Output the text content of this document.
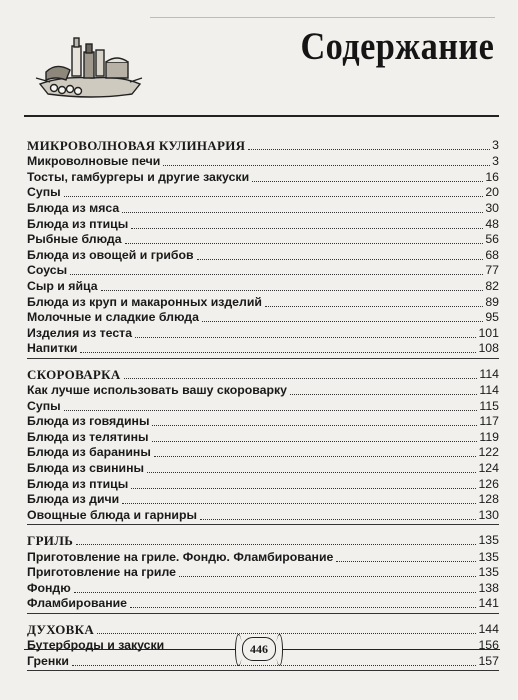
Содержание
МИКРОВОЛНОВАЯ КУЛИНАРИЯ	3
Микроволновые печи	3
Тосты, гамбургеры и другие закуски	16
Супы	20
Блюда из мяса	30
Блюда из птицы	48
Рыбные блюда	56
Блюда из овощей и грибов	68
Соусы	77
Сыр и яйца	82
Блюда из круп и макаронных изделий	89
Молочные и сладкие блюда	95
Изделия из теста	101
Напитки	108
СКОРОВАРКА	114
Как лучше использовать вашу скороварку	114
Супы	115
Блюда из говядины	117
Блюда из телятины	119
Блюда из баранины	122
Блюда из свинины	124
Блюда из птицы	126
Блюда из дичи	128
Овощные блюда и гарниры	130
ГРИЛЬ	135
Приготовление на гриле. Фондю. Фламбирование	135
Приготовление на гриле	135
Фондю	138
Фламбирование	141
ДУХОВКА	144
Бутерброды и закуски	156
Гренки	157
446
